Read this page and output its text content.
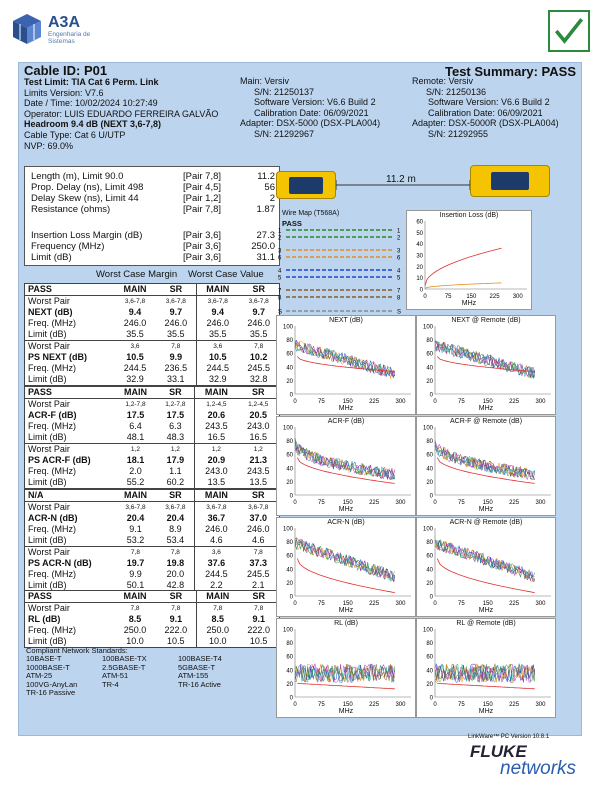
A3A
Engenharia de Sistemas
Cable ID: P01
Test Limit: TIA Cat 6 Perm. Link
Limits Version: V7.6
Date / Time: 10/02/2024 10:27:49
Operator: LUIS EDUARDO FERREIRA GALVÃO
Headroom 9.4 dB (NEXT 3,6-7,8)
Cable Type: Cat 6 U/UTP
NVP: 69.0%
Test Summary: PASS
Main: Versiv
S/N: 21250137
Software Version: V6.6 Build 2
Calibration Date: 06/09/2021
Adapter: DSX-5000 (DSX-PLA004)
S/N: 21292967
Remote: Versiv
S/N: 21250136
Software Version: V6.6 Build 2
Calibration Date: 06/09/2021
Adapter: DSX-5000R (DSX-PLA004)
S/N: 21292955
Length (m), Limit 90.0	[Pair 7,8]	11.2
Prop. Delay (ns), Limit 498	[Pair 4,5]	56
Delay Skew (ns), Limit 44	[Pair 1,2]	2
Resistance (ohms)	[Pair 7,8]	1.87
Insertion Loss Margin (dB)	[Pair 3,6]	27.3
Frequency (MHz)	[Pair 3,6]	250.0
Limit (dB)	[Pair 3,6]	31.1
Worst Case Margin Worst Case Value
PASS	MAIN	SR	MAIN	SR
Worst Pair	3,6-7,8	3,6-7,8	3,6-7,8	3,6-7,8
NEXT (dB)	9.4	9.7	9.4	9.7
Freq. (MHz)	246.0	246.0	246.0	246.0
Limit (dB)	35.5	35.5	35.5	35.5
Worst Pair	3,6	7,8	3,6	7,8
PS NEXT (dB)	10.5	9.9	10.5	10.2
Freq. (MHz)	244.5	236.5	244.5	245.5
Limit (dB)	32.9	33.1	32.9	32.8
PASS	MAIN	SR	MAIN	SR
Worst Pair	1,2-7,8	1,2-7,8	1,2-4,5	1,2-4,5
ACR-F (dB)	17.5	17.5	20.6	20.5
Freq. (MHz)	6.4	6.3	243.5	243.0
Limit (dB)	48.1	48.3	16.5	16.5
Worst Pair	1,2	1,2	1,2	1,2
PS ACR-F (dB)	18.1	17.9	20.9	21.3
Freq. (MHz)	2.0	1.1	243.0	243.5
Limit (dB)	55.2	60.2	13.5	13.5
N/A	MAIN	SR	MAIN	SR
Worst Pair	3,6-7,8	3,6-7,8	3,6-7,8	3,6-7,8
ACR-N (dB)	20.4	20.4	36.7	37.0
Freq. (MHz)	9.1	8.9	246.0	246.0
Limit (dB)	53.2	53.4	4.6	4.6
Worst Pair	7,8	7,8	3,6	7,8
PS ACR-N (dB)	19.7	19.8	37.6	37.3
Freq. (MHz)	9.9	20.0	244.5	245.5
Limit (dB)	50.1	42.8	2.2	2.1
PASS	MAIN	SR	MAIN	SR
Worst Pair	7,8	7,8	7,8	7,8
RL (dB)	8.5	9.1	8.5	9.1
Freq. (MHz)	250.0	222.0	250.0	222.0
Limit (dB)	10.0	10.5	10.0	10.5
Compliant Network Standards:
10BASE-T	100BASE-TX	100BASE-T4
1000BASE-T	2.5GBASE-T	5GBASE-T
ATM-25	ATM-51	ATM-155
100VG-AnyLan	TR-4	TR-16 Active
TR-16 Passive
11.2 m
Wire Map (T568A)
PASS
1	1
2	2
3	3
6	6
4	4
5	5
7	7
8	8
S	S
Insertion Loss (dB)
60
50
40
30
20
10
0
0	75 150 225 300
MHz
NEXT (dB)
100
80
60
40
20
0
0	75	150	225	300
MHz
NEXT @ Remote (dB)
100
80
60
40
20
0
0	75	150	225	300
MHz
ACR-F (dB)
100
80
60
40
20
0
0	75	150	225	300
MHz
ACR-F @ Remote (dB)
100
80
60
40
20
0
0	75	150	225	300
MHz
ACR-N (dB)
100
80
60
40
20
0
0	75	150	225	300
MHz
ACR-N @ Remote (dB)
100
80
60
40
20
0
0	75	150	225	300
MHz
RL (dB)
100
80
60
40
20
0
0	75	150	225	300
MHz
RL @ Remote (dB)
100
80
60
40
20
0
0	75	150	225	300
MHz
LinkWare™ PC Version 10.8.1
FLUKE
networks
